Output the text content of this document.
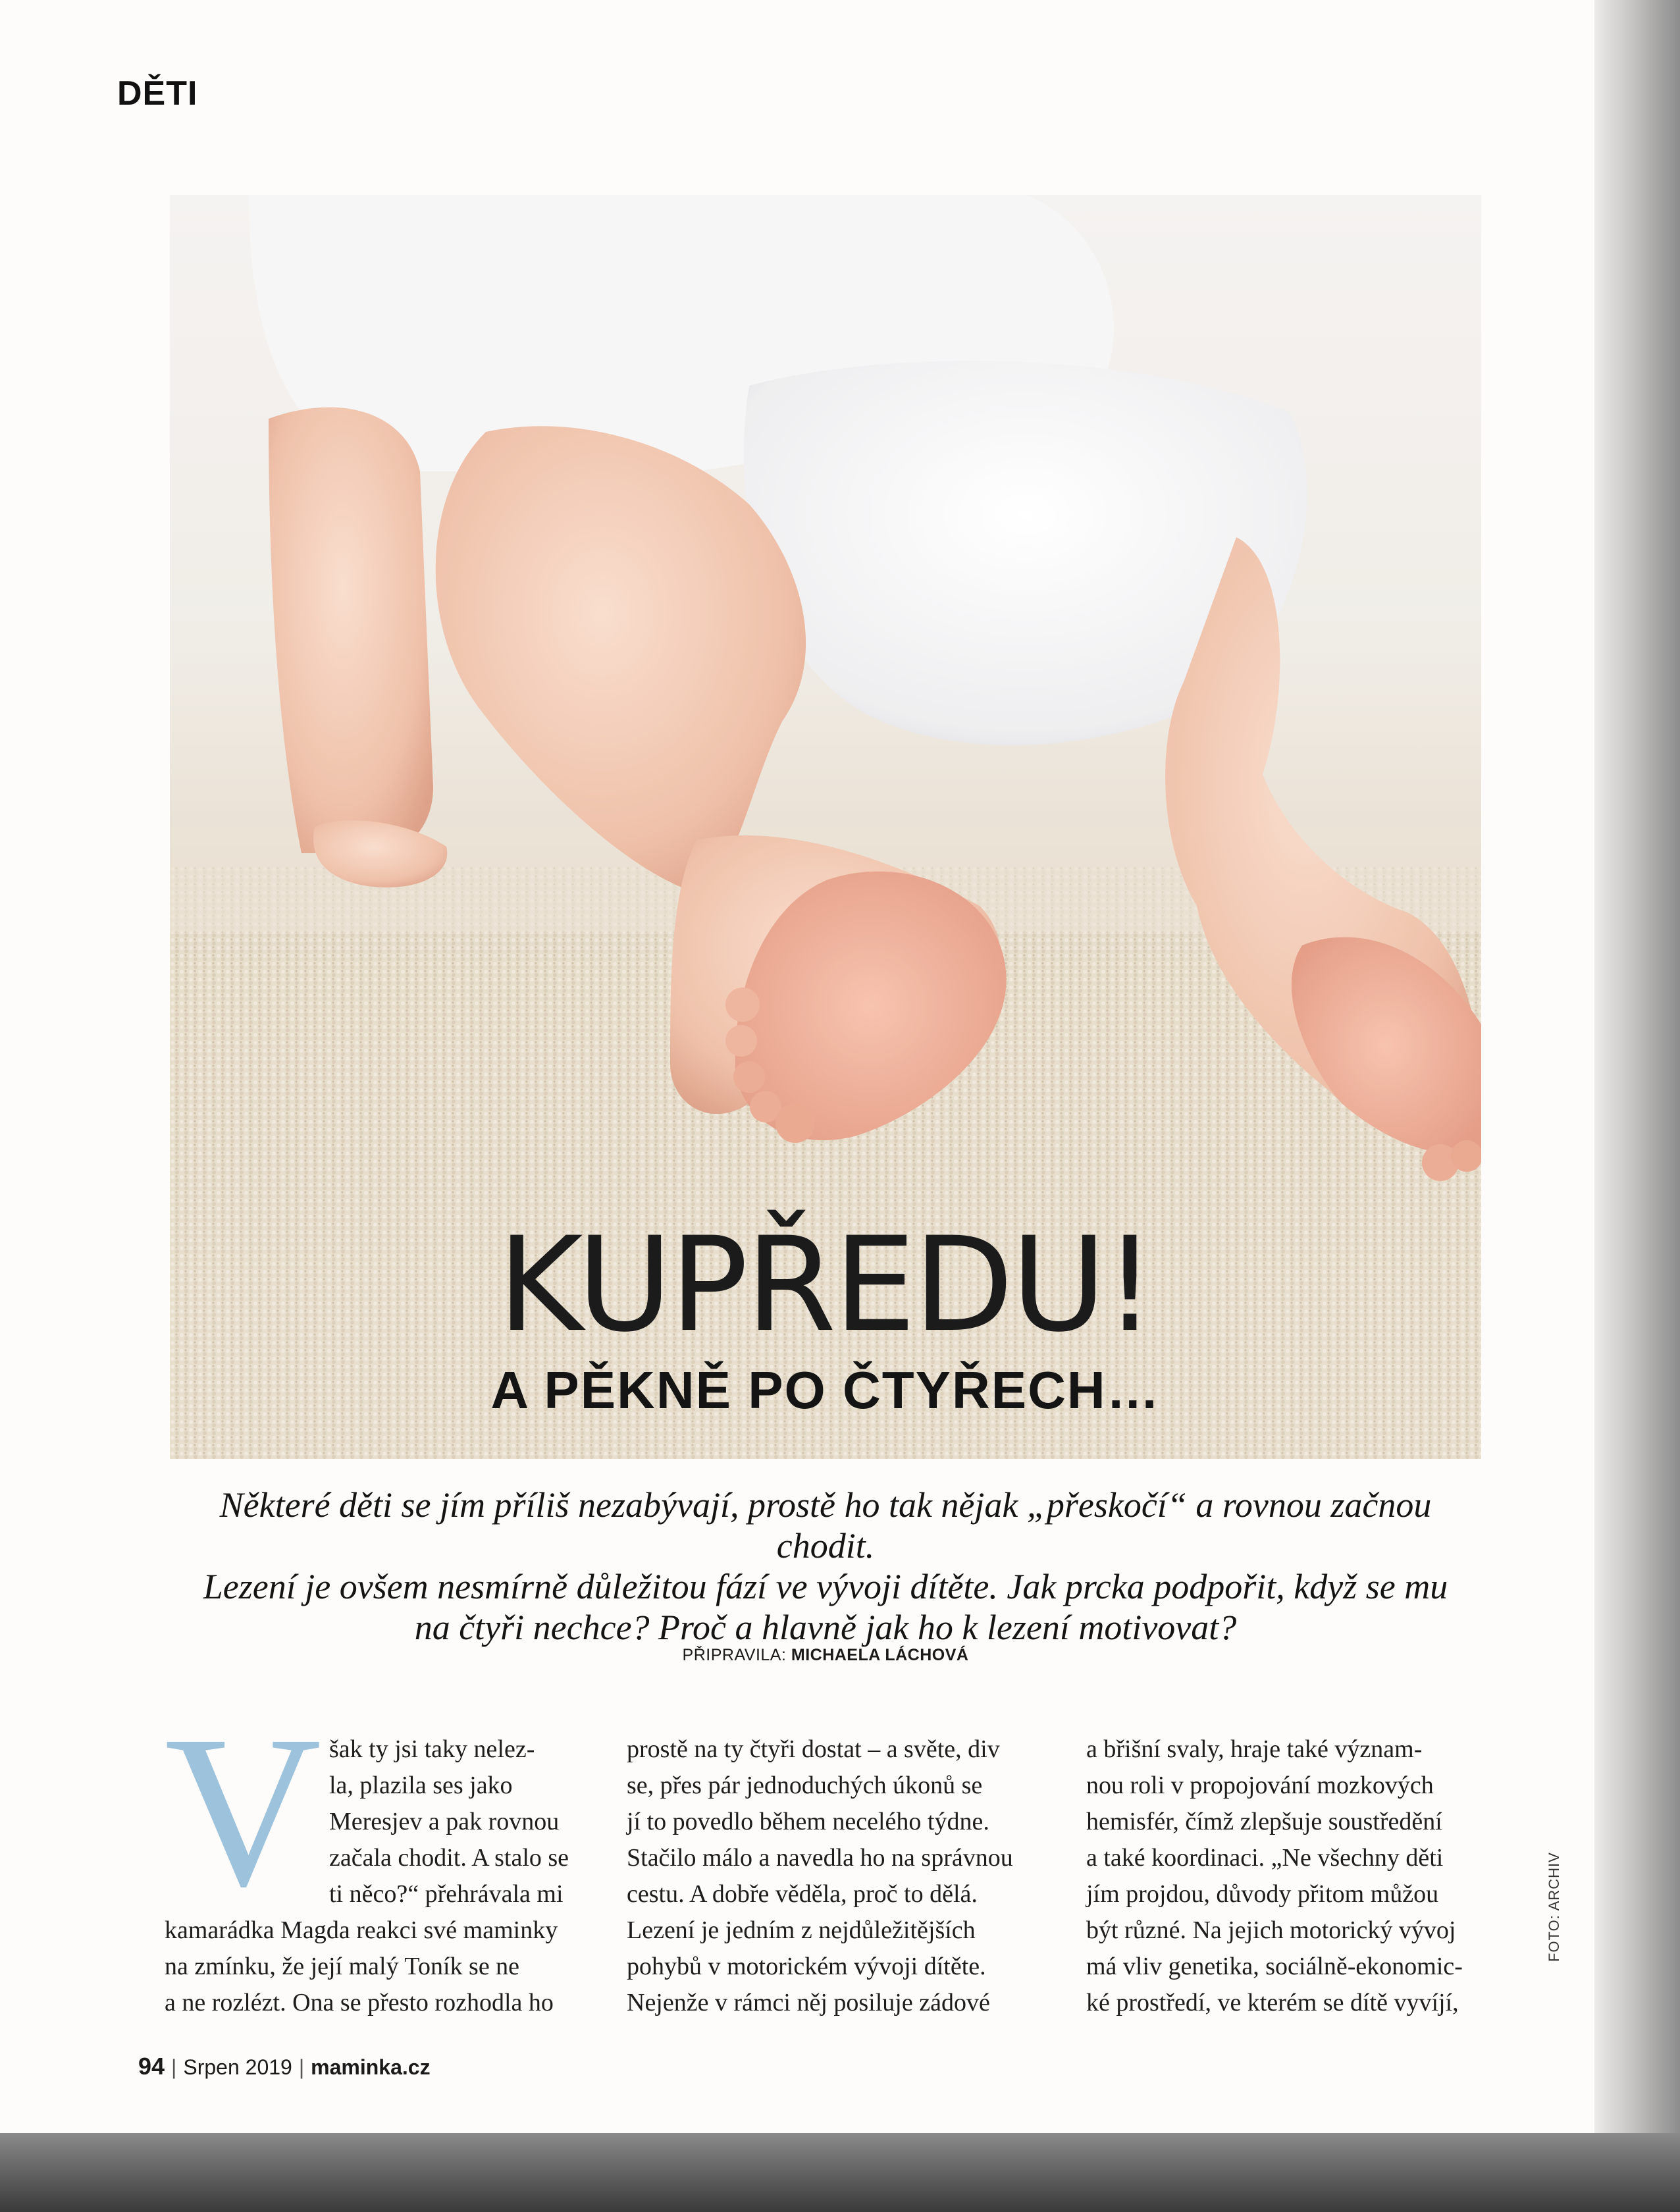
DĚTI
KUPŘEDU!
A PĚKNĚ PO ČTYŘECH…
Některé děti se jím příliš nezabývají, prostě ho tak nějak „přeskočí“ a rovnou začnou chodit.
Lezení je ovšem nesmírně důležitou fází ve vývoji dítěte. Jak prcka podpořit, když se mu
na čtyři nechce? Proč a hlavně jak ho k lezení motivovat?
PŘIPRAVILA: MICHAELA LÁCHOVÁ
V šak ty jsi taky nelez-
la, plazila ses jako
Meresjev a pak rovnou
začala chodit. A stalo se
ti něco?“ přehrávala mi
kamarádka Magda reakci své maminky
na zmínku, že její malý Toník se ne
a ne rozlézt. Ona se přesto rozhodla ho
prostě na ty čtyři dostat – a světe, div
se, přes pár jednoduchých úkonů se
jí to povedlo během necelého týdne.
Stačilo málo a navedla ho na správnou
cestu. A dobře věděla, proč to dělá.
Lezení je jedním z nejdůležitějších
pohybů v motorickém vývoji dítěte.
Nejenže v rámci něj posiluje zádové
a břišní svaly, hraje také význam-
nou roli v propojování mozkových
hemisfér, čímž zlepšuje soustředění
a také koordinaci. „Ne všechny děti
jím projdou, důvody přitom můžou
být různé. Na jejich motorický vývoj
má vliv genetika, sociálně-ekonomic-
ké prostředí, ve kterém se dítě vyvíjí,
FOTO: ARCHIV
94 | Srpen 2019 | maminka.cz
